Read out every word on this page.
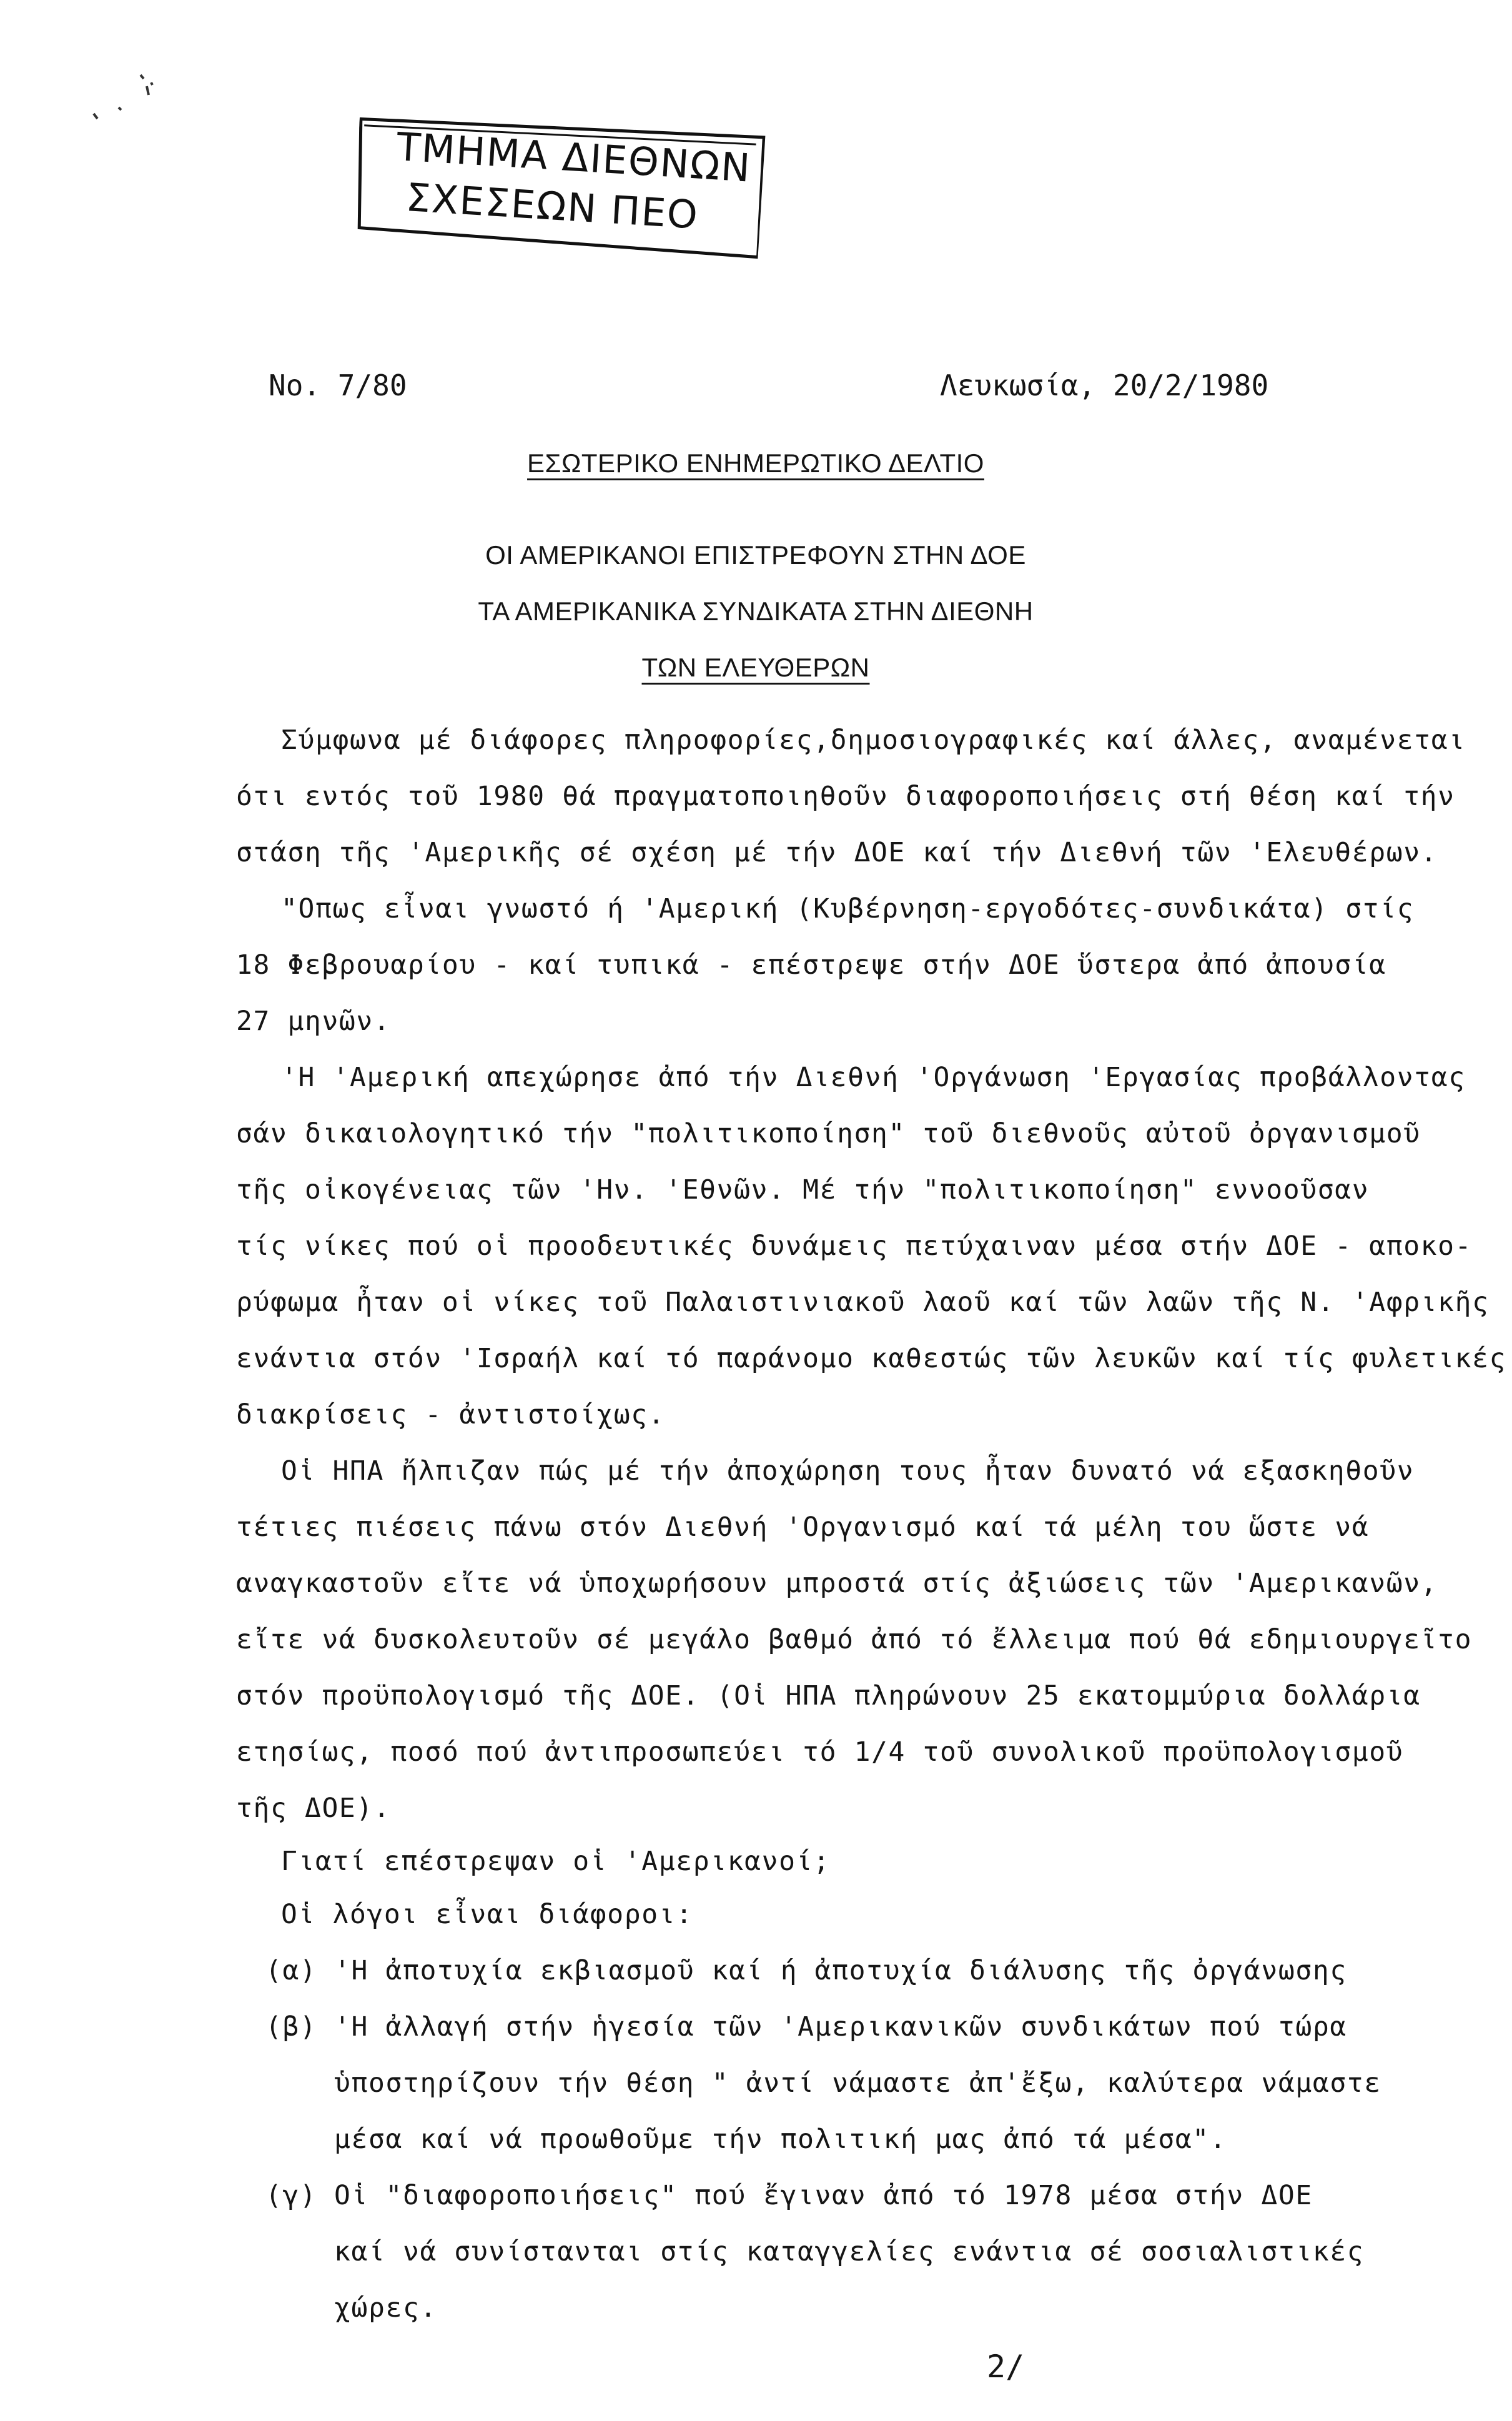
ΤΜΗΜΑ ΔΙΕΘΝΩΝ
ΣΧΕΣΕΩΝ ΠΕΟ
No. 7/80	Λευκωσία, 20/2/1980
ΕΣΩΤΕΡΙΚΟ ΕΝΗΜΕΡΩΤΙΚΟ ΔΕΛΤΙΟ
ΟΙ ΑΜΕΡΙΚΑΝΟΙ ΕΠΙΣΤΡΕΦΟΥΝ ΣΤΗΝ ΔΟΕ
ΤΑ ΑΜΕΡΙΚΑΝΙΚΑ ΣΥΝΔΙΚΑΤΑ ΣΤΗΝ ΔΙΕΘΝΗ
ΤΩΝ ΕΛΕΥΘΕΡΩΝ
Σύμφωνα μέ διάφορες πληροφορίες,δημοσιογραφικές καί άλλες, αναμένεται
ότι εντός τοῦ 1980 θά πραγματοποιηθοῦν διαφοροποιήσεις στή θέση καί τήν
στάση τῆς 'Αμερικῆς σέ σχέση μέ τήν ΔΟΕ καί τήν Διεθνή τῶν 'Ελευθέρων.
"Οπως εἶναι γνωστό ή 'Αμερική (Κυβέρνηση-εργοδότες-συνδικάτα) στίς
18 Φεβρουαρίου - καί τυπικά - επέστρεψε στήν ΔΟΕ ὕστερα ἀπό ἀπουσία
27 μηνῶν.
'Η 'Αμερική απεχώρησε ἀπό τήν Διεθνή 'Οργάνωση 'Εργασίας προβάλλοντας
σάν δικαιολογητικό τήν "πολιτικοποίηση" τοῦ διεθνοῦς αὐτοῦ ὀργανισμοῦ
τῆς οἰκογένειας τῶν 'Ην. 'Εθνῶν. Μέ τήν "πολιτικοποίηση" εννοοῦσαν
τίς νίκες πού οἱ προοδευτικές δυνάμεις πετύχαιναν μέσα στήν ΔΟΕ - αποκο-
ρύφωμα ἦταν οἱ νίκες τοῦ Παλαιστινιακοῦ λαοῦ καί τῶν λαῶν τῆς Ν. 'Αφρικῆς
ενάντια στόν 'Ισραήλ καί τό παράνομο καθεστώς τῶν λευκῶν καί τίς φυλετικές
διακρίσεις - ἀντιστοίχως.
Οἱ ΗΠΑ ἤλπιζαν πώς μέ τήν ἀποχώρηση τους ἦταν δυνατό νά εξασκηθοῦν
τέτιες πιέσεις πάνω στόν Διεθνή 'Οργανισμό καί τά μέλη του ὥστε νά
αναγκαστοῦν εἴτε νά ὑποχωρήσουν μπροστά στίς ἀξιώσεις τῶν 'Αμερικανῶν,
εἴτε νά δυσκολευτοῦν σέ μεγάλο βαθμό ἀπό τό ἔλλειμα πού θά εδημιουργεῖτο
στόν προϋπολογισμό τῆς ΔΟΕ. (Οἱ ΗΠΑ πληρώνουν 25 εκατομμύρια δολλάρια
ετησίως, ποσό πού ἀντιπροσωπεύει τό 1/4 τοῦ συνολικοῦ προϋπολογισμοῦ
τῆς ΔΟΕ).
Γιατί επέστρεψαν οἱ 'Αμερικανοί;
Οἱ λόγοι εἶναι διάφοροι:
(α) 'Η ἀποτυχία εκβιασμοῦ καί ή ἀποτυχία διάλυσης τῆς ὀργάνωσης
(β) 'Η ἀλλαγή στήν ἡγεσία τῶν 'Αμερικανικῶν συνδικάτων πού τώρα
ὑποστηρίζουν τήν θέση " ἀντί νάμαστε ἀπ'ἔξω, καλύτερα νάμαστε
μέσα καί νά προωθοῦμε τήν πολιτική μας ἀπό τά μέσα".
(γ) Οἱ "διαφοροποιήσεις" πού ἔγιναν ἀπό τό 1978 μέσα στήν ΔΟΕ
καί νά συνίστανται στίς καταγγελίες ενάντια σέ σοσιαλιστικές
χώρες.
2/
